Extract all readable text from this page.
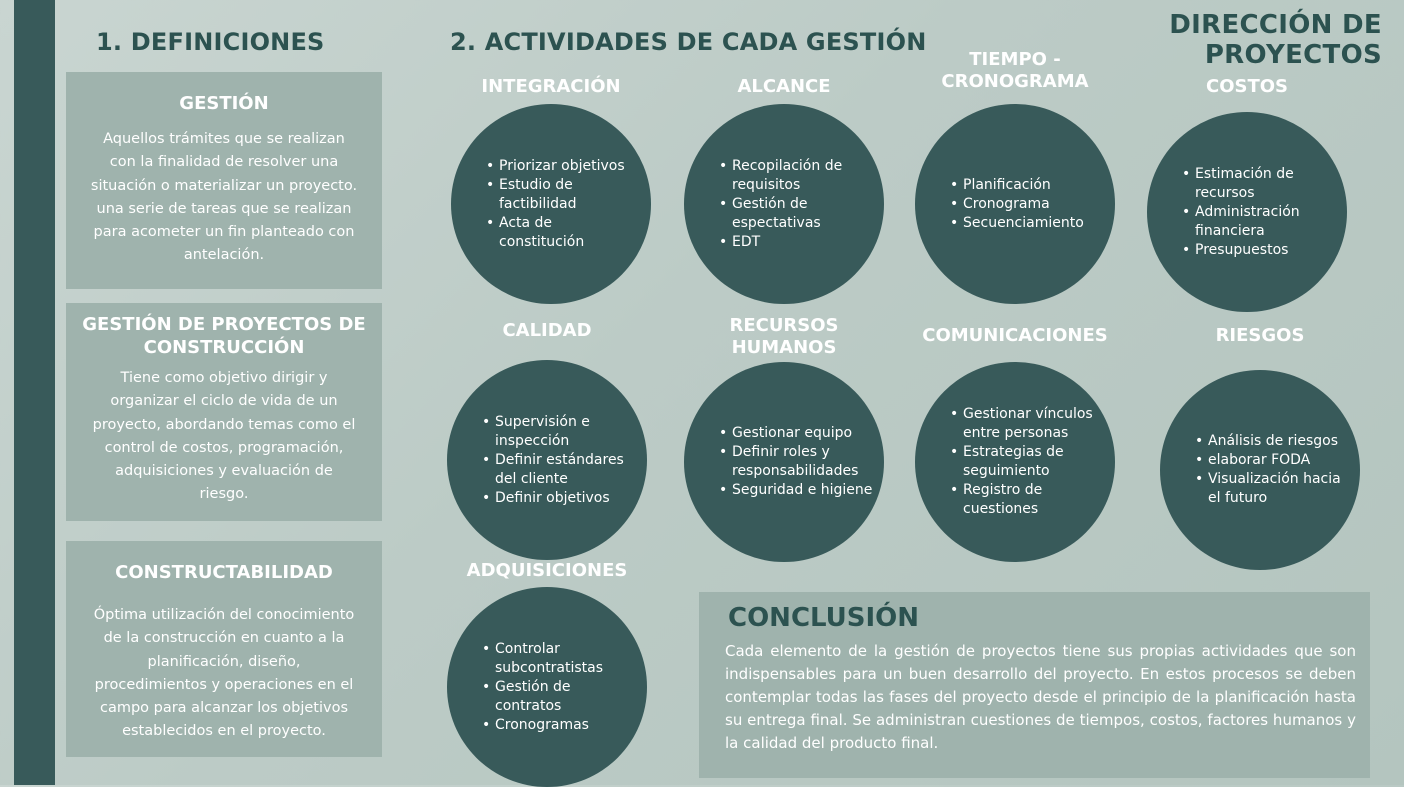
DIRECCIÓN DE
PROYECTOS
1. DEFINICIONES	2. ACTIVIDADES DE CADA GESTIÓN
GESTIÓN

Aquellos trámites que se realizan
con la finalidad de resolver una
situación o materializar un proyecto.
una serie de tareas que se realizan
para acometer un fin planteado con
antelación.

GESTIÓN DE PROYECTOS DE
CONSTRUCCIÓN

Tiene como objetivo dirigir y
organizar el ciclo de vida de un
proyecto, abordando temas como el
control de costos, programación,
adquisiciones y evaluación de
riesgo.

CONSTRUCTABILIDAD

Óptima utilización del conocimiento
de la construcción en cuanto a la
planificación, diseño,
procedimientos y operaciones en el
campo para alcanzar los objetivos
establecidos en el proyecto.

INTEGRACIÓN
• Priorizar objetivos
• Estudio de
factibilidad
• Acta de
constitución
ALCANCE
• Recopilación de
requisitos
• Gestión de
espectativas
• EDT
TIEMPO -
CRONOGRAMA
• Planificación
• Cronograma
• Secuenciamiento
COSTOS
• Estimación de
recursos
• Administración
financiera
• Presupuestos
CALIDAD
• Supervisión e
inspección
• Definir estándares
del cliente
• Definir objetivos
RECURSOS
HUMANOS
• Gestionar equipo
• Definir roles y
responsabilidades
• Seguridad e higiene
COMUNICACIONES
• Gestionar vínculos
entre personas
• Estrategias de
seguimiento
• Registro de
cuestiones
RIESGOS
• Análisis de riesgos
• elaborar FODA
• Visualización hacia
el futuro
ADQUISICIONES
• Controlar
subcontratistas
• Gestión de
contratos
• Cronogramas
CONCLUSIÓN

Cada elemento de la gestión de proyectos tiene sus propias actividades que son indispensables para un buen desarrollo del proyecto. En estos procesos se deben contemplar todas las fases del proyecto desde el principio de la planificación hasta su entrega final. Se administran cuestiones de tiempos, costos, factores humanos y la calidad del producto final.
